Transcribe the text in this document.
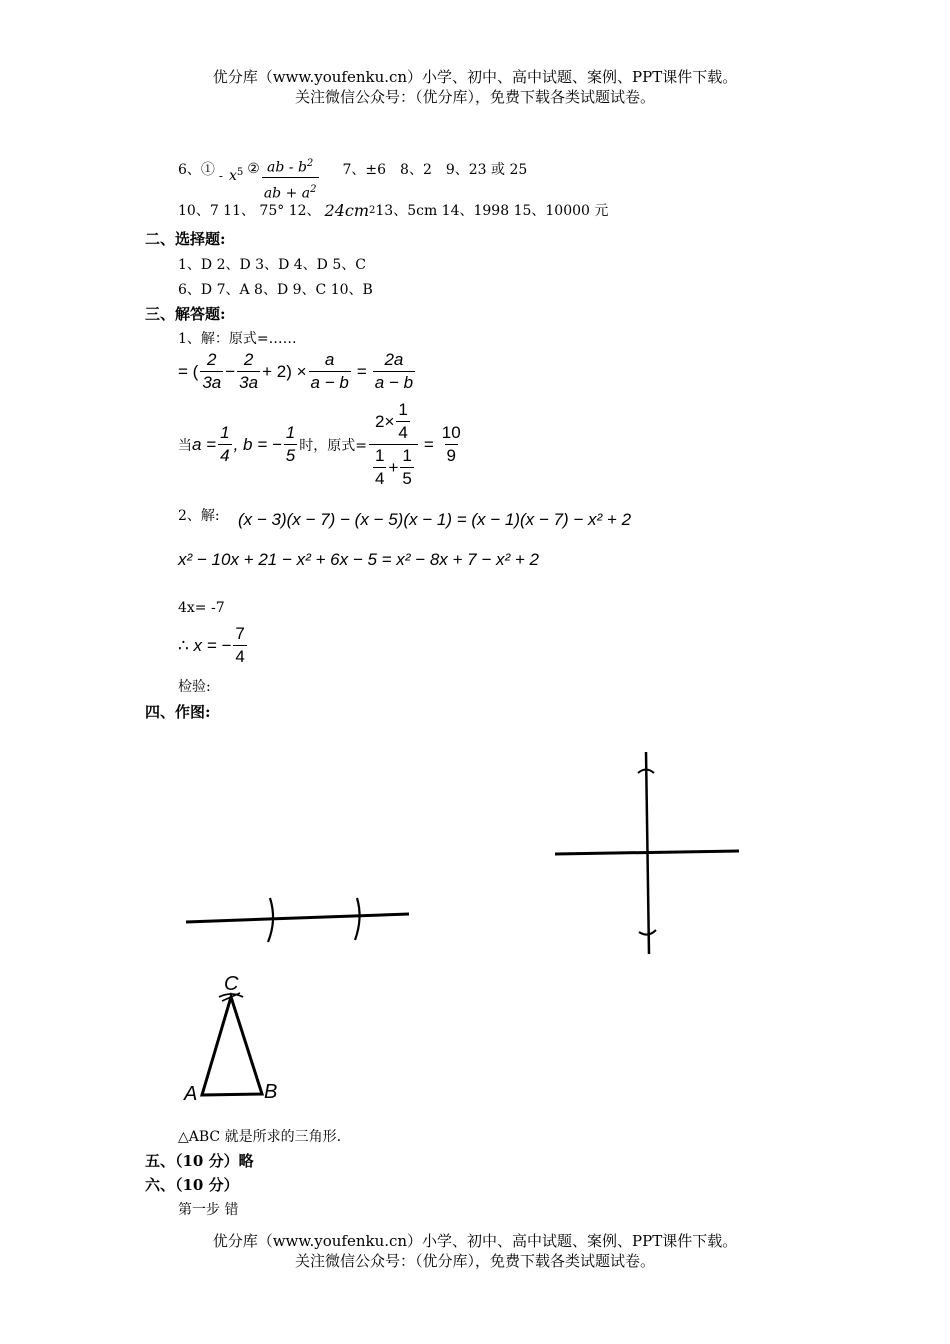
优分库（www.youfenku.cn）小学、初中、高中试题、案例、PPT课件下载。
关注微信公众号：（优分库），免费下载各类试题试卷。
6、① - x 5 ② $\frac{ab - b^2}{ab + a^2} 7$、±6　8、2　9、23 或 25
10、7 11、 75° 12、 24cm 2 13、5cm 14、1998 15、10000 元
二、选择题:
1、D 2、D 3、D 4、D 5、C
6、D 7、A 8、D 9、C 10、B
三、解答题:
1、解：原式=……
= ( $\frac{2}{3a} - \frac{2}{3a} + 2) \times \frac{a}{a - b} = \frac{2a}{a - b}$
当 $a = \frac{1}{4}$ , b = − $\frac{1}{5}$ 时，原式= $\frac{2\times \frac{1}{4}}{\frac{1}{4} + \frac{1}{5}} = \frac{10}{9}$
2、解: (x − 3)(x − 7) − (x − 5)(x − 1) = (x − 1)(x − 7) − x² + 2
x² − 10x + 21 − x² + 6x − 5 = x² − 8x + 7 − x² + 2
4x= -7
∴ x = − $\frac{7}{4}$
检验:
四、作图:
A	B
C
△ABC 就是所求的三角形.
五、（10 分）略
六、（10 分）
第一步 错
优分库（www.youfenku.cn）小学、初中、高中试题、案例、PPT课件下载。
关注微信公众号：（优分库），免费下载各类试题试卷。
